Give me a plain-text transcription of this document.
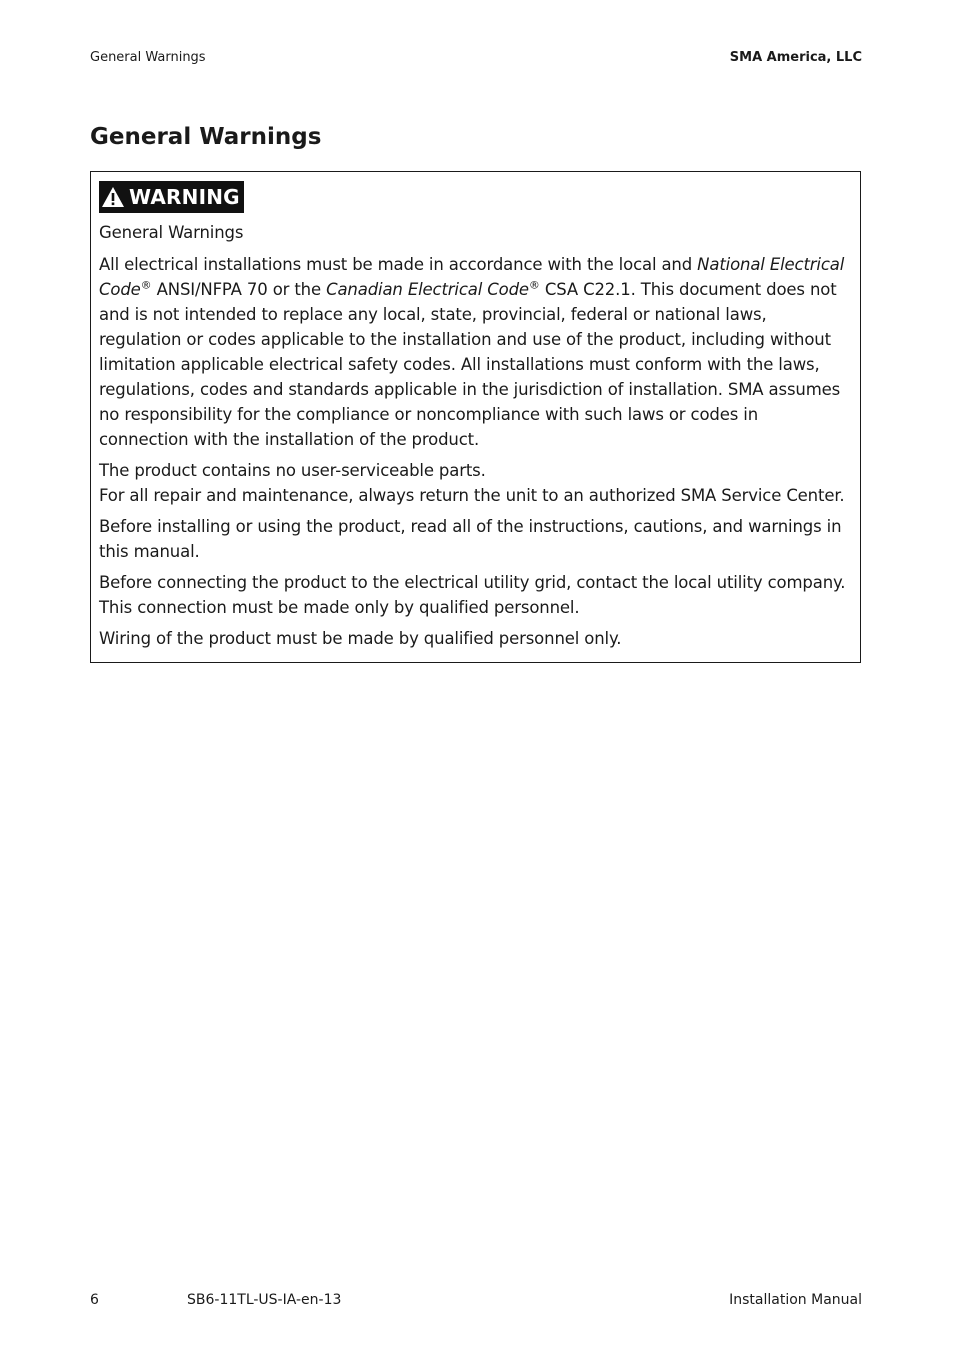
General Warnings	SMA America, LLC
General Warnings
WARNING
General Warnings

All electrical installations must be made in accordance with the local and National Electrical Code® ANSI/NFPA 70 or the Canadian Electrical Code® CSA C22.1. This document does not and is not intended to replace any local, state, provincial, federal or national laws, regulation or codes applicable to the installation and use of the product, including without limitation applicable electrical safety codes. All installations must conform with the laws, regulations, codes and standards applicable in the jurisdiction of installation. SMA assumes no responsibility for the compliance or noncompliance with such laws or codes in connection with the installation of the product.

The product contains no user-serviceable parts.
For all repair and maintenance, always return the unit to an authorized SMA Service Center.

Before installing or using the product, read all of the instructions, cautions, and warnings in this manual.

Before connecting the product to the electrical utility grid, contact the local utility company. This connection must be made only by qualified personnel.

Wiring of the product must be made by qualified personnel only.

6	SB6-11TL-US-IA-en-13	Installation Manual
